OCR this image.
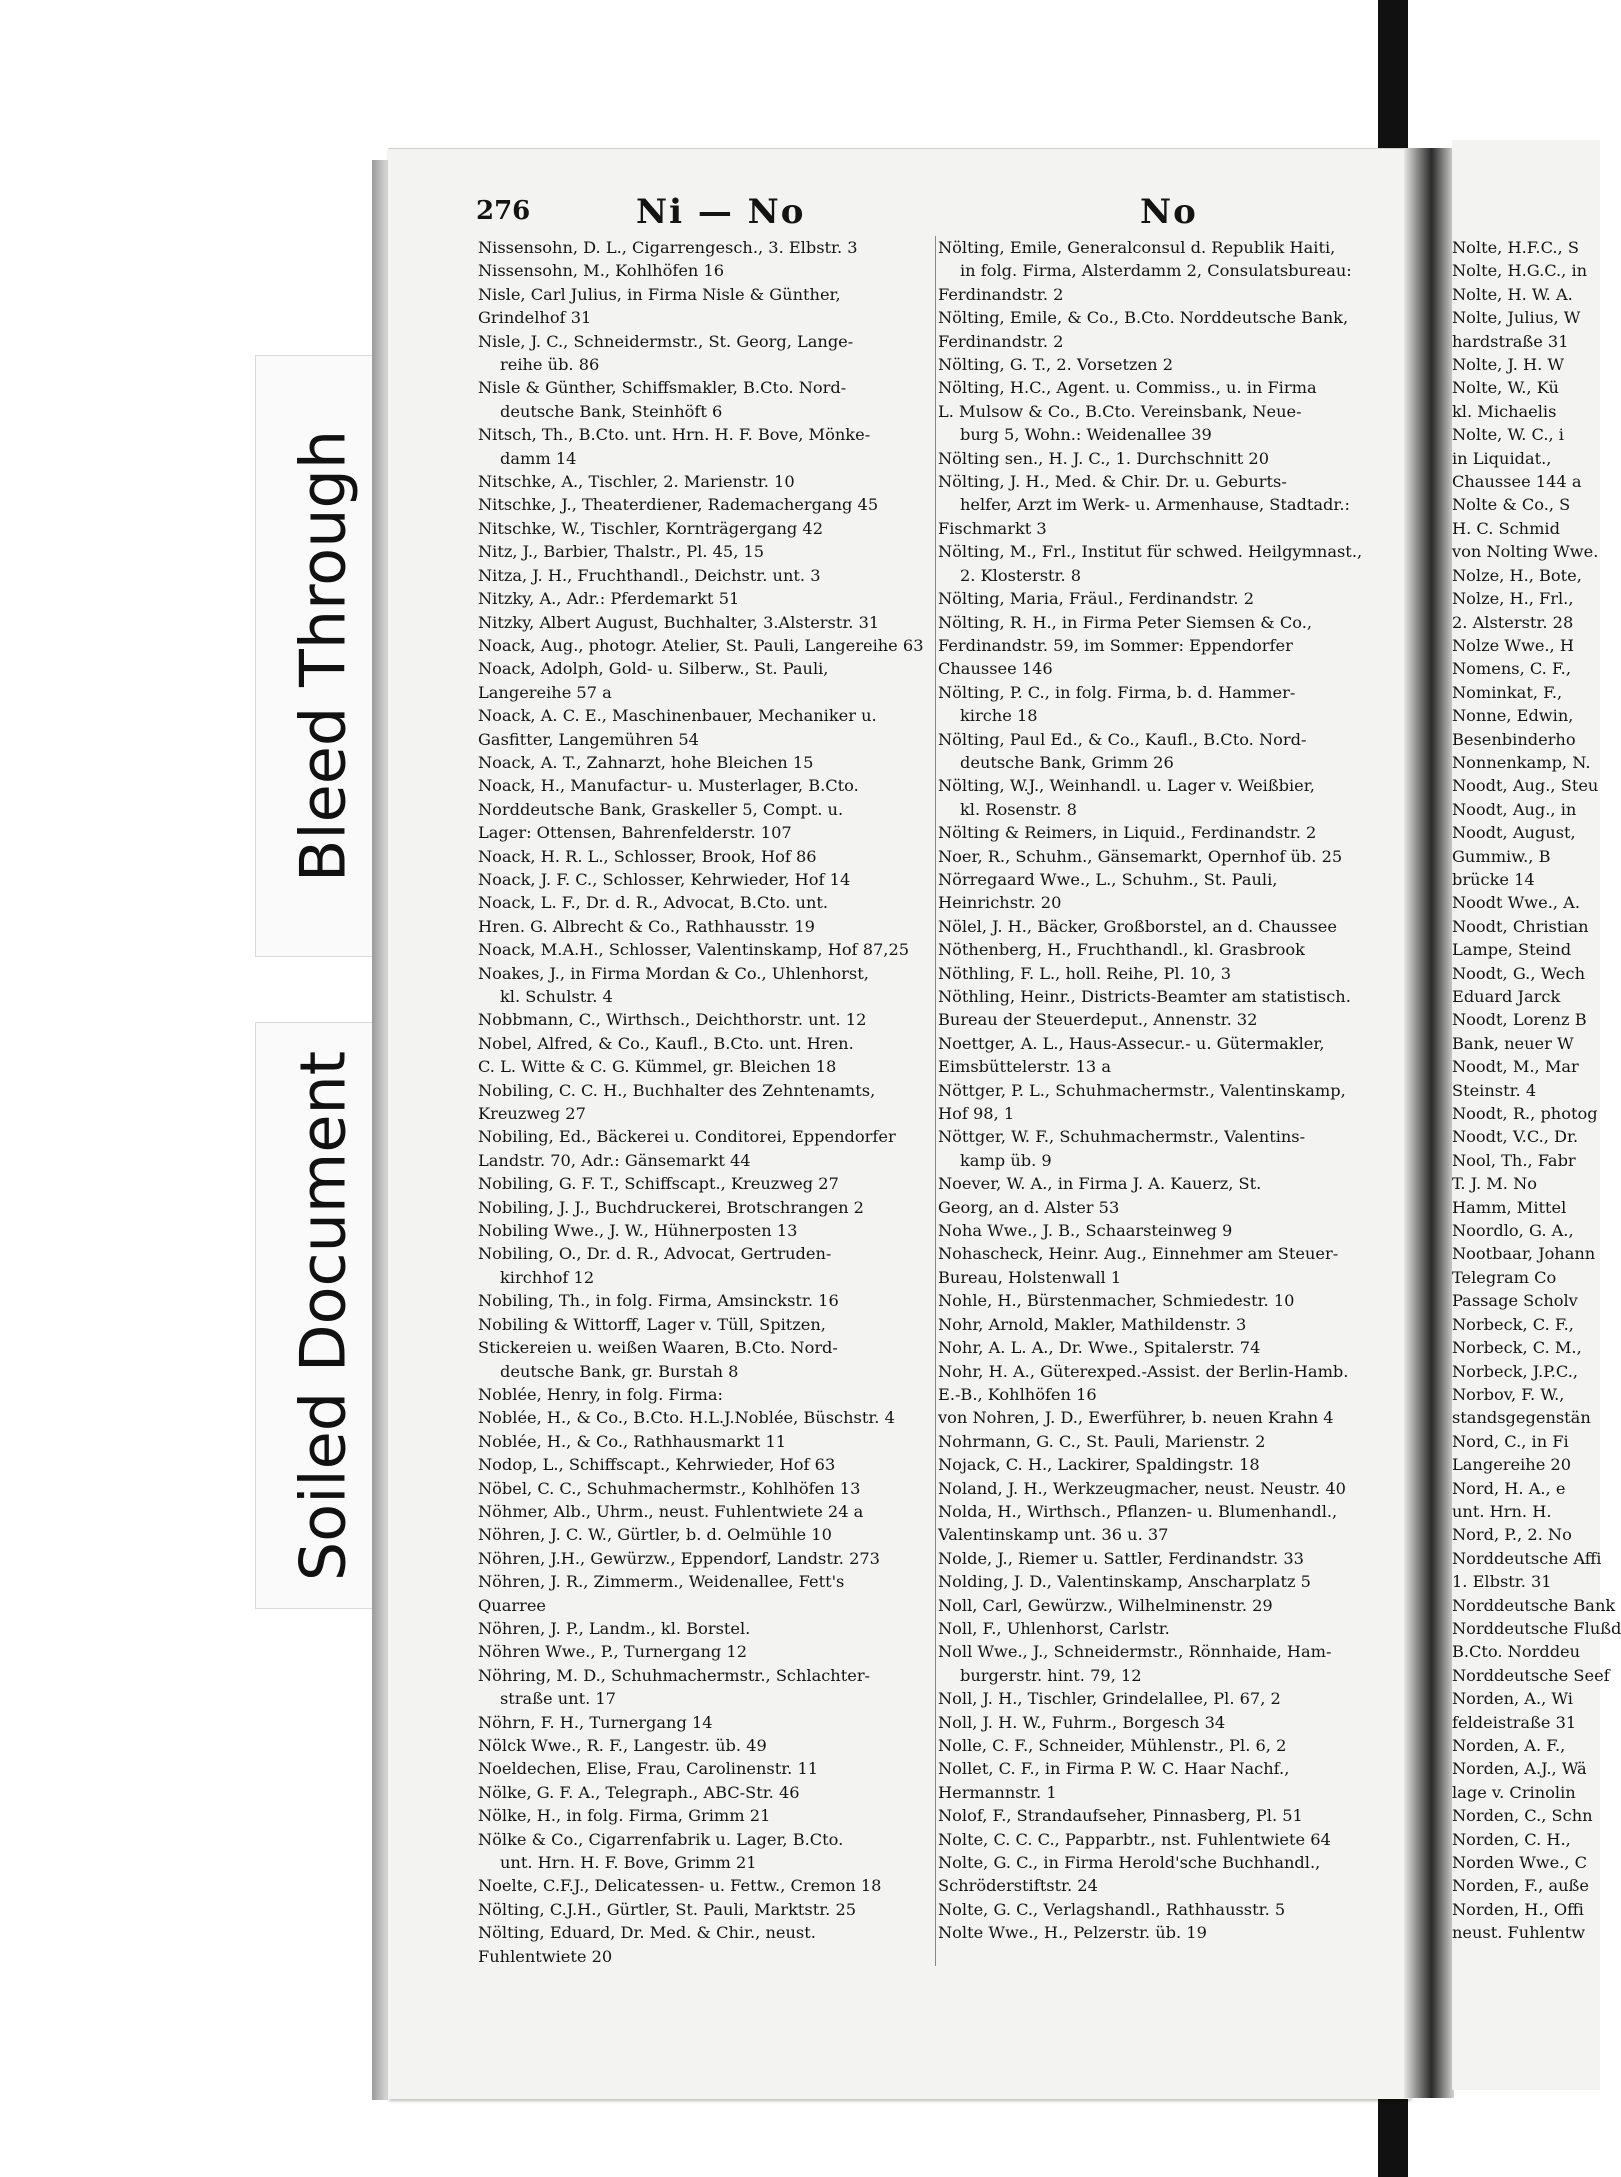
Bleed Through
Soiled Document
276	Ni — No	No
Nissensohn, D. L., Cigarrengesch., 3. Elbstr. 3
Nissensohn, M., Kohlhöfen 16
Nisle, Carl Julius, in Firma Nisle & Günther,
Grindelhof 31
Nisle, J. C., Schneidermstr., St. Georg, Lange-
reihe üb. 86
Nisle & Günther, Schiffsmakler, B.Cto. Nord-
deutsche Bank, Steinhöft 6
Nitsch, Th., B.Cto. unt. Hrn. H. F. Bove, Mönke-
damm 14
Nitschke, A., Tischler, 2. Marienstr. 10
Nitschke, J., Theaterdiener, Rademachergang 45
Nitschke, W., Tischler, Kornträgergang 42
Nitz, J., Barbier, Thalstr., Pl. 45, 15
Nitza, J. H., Fruchthandl., Deichstr. unt. 3
Nitzky, A., Adr.: Pferdemarkt 51
Nitzky, Albert August, Buchhalter, 3.Alsterstr. 31
Noack, Aug., photogr. Atelier, St. Pauli, Langereihe 63
Noack, Adolph, Gold- u. Silberw., St. Pauli,
Langereihe 57 a
Noack, A. C. E., Maschinenbauer, Mechaniker u.
Gasfitter, Langemühren 54
Noack, A. T., Zahnarzt, hohe Bleichen 15
Noack, H., Manufactur- u. Musterlager, B.Cto.
Norddeutsche Bank, Graskeller 5, Compt. u.
Lager: Ottensen, Bahrenfelderstr. 107
Noack, H. R. L., Schlosser, Brook, Hof 86
Noack, J. F. C., Schlosser, Kehrwieder, Hof 14
Noack, L. F., Dr. d. R., Advocat, B.Cto. unt.
Hren. G. Albrecht & Co., Rathhausstr. 19
Noack, M.A.H., Schlosser, Valentinskamp, Hof 87,25
Noakes, J., in Firma Mordan & Co., Uhlenhorst,
kl. Schulstr. 4
Nobbmann, C., Wirthsch., Deichthorstr. unt. 12
Nobel, Alfred, & Co., Kaufl., B.Cto. unt. Hren.
C. L. Witte & C. G. Kümmel, gr. Bleichen 18
Nobiling, C. C. H., Buchhalter des Zehntenamts,
Kreuzweg 27
Nobiling, Ed., Bäckerei u. Conditorei, Eppendorfer
Landstr. 70, Adr.: Gänsemarkt 44
Nobiling, G. F. T., Schiffscapt., Kreuzweg 27
Nobiling, J. J., Buchdruckerei, Brotschrangen 2
Nobiling Wwe., J. W., Hühnerposten 13
Nobiling, O., Dr. d. R., Advocat, Gertruden-
kirchhof 12
Nobiling, Th., in folg. Firma, Amsinckstr. 16
Nobiling & Wittorff, Lager v. Tüll, Spitzen,
Stickereien u. weißen Waaren, B.Cto. Nord-
deutsche Bank, gr. Burstah 8
Noblée, Henry, in folg. Firma:
Noblée, H., & Co., B.Cto. H.L.J.Noblée, Büschstr. 4
Noblée, H., & Co., Rathhausmarkt 11
Nodop, L., Schiffscapt., Kehrwieder, Hof 63
Nöbel, C. C., Schuhmachermstr., Kohlhöfen 13
Nöhmer, Alb., Uhrm., neust. Fuhlentwiete 24 a
Nöhren, J. C. W., Gürtler, b. d. Oelmühle 10
Nöhren, J.H., Gewürzw., Eppendorf, Landstr. 273
Nöhren, J. R., Zimmerm., Weidenallee, Fett's
Quarree
Nöhren, J. P., Landm., kl. Borstel.
Nöhren Wwe., P., Turnergang 12
Nöhring, M. D., Schuhmachermstr., Schlachter-
straße unt. 17
Nöhrn, F. H., Turnergang 14
Nölck Wwe., R. F., Langestr. üb. 49
Noeldechen, Elise, Frau, Carolinenstr. 11
Nölke, G. F. A., Telegraph., ABC-Str. 46
Nölke, H., in folg. Firma, Grimm 21
Nölke & Co., Cigarrenfabrik u. Lager, B.Cto.
unt. Hrn. H. F. Bove, Grimm 21
Noelte, C.F.J., Delicatessen- u. Fettw., Cremon 18
Nölting, C.J.H., Gürtler, St. Pauli, Marktstr. 25
Nölting, Eduard, Dr. Med. & Chir., neust.
Fuhlentwiete 20
Nölting, Emile, Generalconsul d. Republik Haiti,
in folg. Firma, Alsterdamm 2, Consulatsbureau:
Ferdinandstr. 2
Nölting, Emile, & Co., B.Cto. Norddeutsche Bank,
Ferdinandstr. 2
Nölting, G. T., 2. Vorsetzen 2
Nölting, H.C., Agent. u. Commiss., u. in Firma
L. Mulsow & Co., B.Cto. Vereinsbank, Neue-
burg 5, Wohn.: Weidenallee 39
Nölting sen., H. J. C., 1. Durchschnitt 20
Nölting, J. H., Med. & Chir. Dr. u. Geburts-
helfer, Arzt im Werk- u. Armenhause, Stadtadr.:
Fischmarkt 3
Nölting, M., Frl., Institut für schwed. Heilgymnast.,
2. Klosterstr. 8
Nölting, Maria, Fräul., Ferdinandstr. 2
Nölting, R. H., in Firma Peter Siemsen & Co.,
Ferdinandstr. 59, im Sommer: Eppendorfer
Chaussee 146
Nölting, P. C., in folg. Firma, b. d. Hammer-
kirche 18
Nölting, Paul Ed., & Co., Kaufl., B.Cto. Nord-
deutsche Bank, Grimm 26
Nölting, W.J., Weinhandl. u. Lager v. Weißbier,
kl. Rosenstr. 8
Nölting & Reimers, in Liquid., Ferdinandstr. 2
Noer, R., Schuhm., Gänsemarkt, Opernhof üb. 25
Nörregaard Wwe., L., Schuhm., St. Pauli,
Heinrichstr. 20
Nölel, J. H., Bäcker, Großborstel, an d. Chaussee
Nöthenberg, H., Fruchthandl., kl. Grasbrook
Nöthling, F. L., holl. Reihe, Pl. 10, 3
Nöthling, Heinr., Districts-Beamter am statistisch.
Bureau der Steuerdeput., Annenstr. 32
Noettger, A. L., Haus-Assecur.- u. Gütermakler,
Eimsbüttelerstr. 13 a
Nöttger, P. L., Schuhmachermstr., Valentinskamp,
Hof 98, 1
Nöttger, W. F., Schuhmachermstr., Valentins-
kamp üb. 9
Noever, W. A., in Firma J. A. Kauerz, St.
Georg, an d. Alster 53
Noha Wwe., J. B., Schaarsteinweg 9
Nohascheck, Heinr. Aug., Einnehmer am Steuer-
Bureau, Holstenwall 1
Nohle, H., Bürstenmacher, Schmiedestr. 10
Nohr, Arnold, Makler, Mathildenstr. 3
Nohr, A. L. A., Dr. Wwe., Spitalerstr. 74
Nohr, H. A., Güterexped.-Assist. der Berlin-Hamb.
E.-B., Kohlhöfen 16
von Nohren, J. D., Ewerführer, b. neuen Krahn 4
Nohrmann, G. C., St. Pauli, Marienstr. 2
Nojack, C. H., Lackirer, Spaldingstr. 18
Noland, J. H., Werkzeugmacher, neust. Neustr. 40
Nolda, H., Wirthsch., Pflanzen- u. Blumenhandl.,
Valentinskamp unt. 36 u. 37
Nolde, J., Riemer u. Sattler, Ferdinandstr. 33
Nolding, J. D., Valentinskamp, Anscharplatz 5
Noll, Carl, Gewürzw., Wilhelminenstr. 29
Noll, F., Uhlenhorst, Carlstr.
Noll Wwe., J., Schneidermstr., Rönnhaide, Ham-
burgerstr. hint. 79, 12
Noll, J. H., Tischler, Grindelallee, Pl. 67, 2
Noll, J. H. W., Fuhrm., Borgesch 34
Nolle, C. F., Schneider, Mühlenstr., Pl. 6, 2
Nollet, C. F., in Firma P. W. C. Haar Nachf.,
Hermannstr. 1
Nolof, F., Strandaufseher, Pinnasberg, Pl. 51
Nolte, C. C. C., Papparbtr., nst. Fuhlentwiete 64
Nolte, G. C., in Firma Herold'sche Buchhandl.,
Schröderstiftstr. 24
Nolte, G. C., Verlagshandl., Rathhausstr. 5
Nolte Wwe., H., Pelzerstr. üb. 19
Nolte, H.F.C., S
Nolte, H.G.C., in
Nolte, H. W. A.
Nolte, Julius, W
hardstraße 31
Nolte, J. H. W
Nolte, W., Kü
kl. Michaelis
Nolte, W. C., i
in Liquidat.,
Chaussee 144 a
Nolte & Co., S
H. C. Schmid
von Nolting Wwe.
Nolze, H., Bote,
Nolze, H., Frl.,
2. Alsterstr. 28
Nolze Wwe., H
Nomens, C. F.,
Nominkat, F.,
Nonne, Edwin,
Besenbinderho
Nonnenkamp, N.
Noodt, Aug., Steu
Noodt, Aug., in
Noodt, August,
Gummiw., B
brücke 14
Noodt Wwe., A.
Noodt, Christian
Lampe, Steind
Noodt, G., Wech
Eduard Jarck
Noodt, Lorenz B
Bank, neuer W
Noodt, M., Mar
Steinstr. 4
Noodt, R., photog
Noodt, V.C., Dr.
Nool, Th., Fabr
T. J. M. No
Hamm, Mittel
Noordlo, G. A.,
Nootbaar, Johann
Telegram Co
Passage Scholv
Norbeck, C. F.,
Norbeck, C. M.,
Norbeck, J.P.C.,
Norbov, F. W.,
standsgegenstän
Nord, C., in Fi
Langereihe 20
Nord, H. A., e
unt. Hrn. H.
Nord, P., 2. No
Norddeutsche Affi
1. Elbstr. 31
Norddeutsche Bank
Norddeutsche Flußd
B.Cto. Norddeu
Norddeutsche Seef
Norden, A., Wi
feldeistraße 31
Norden, A. F.,
Norden, A.J., Wä
lage v. Crinolin
Norden, C., Schn
Norden, C. H.,
Norden Wwe., C
Norden, F., auße
Norden, H., Offi
neust. Fuhlentw
